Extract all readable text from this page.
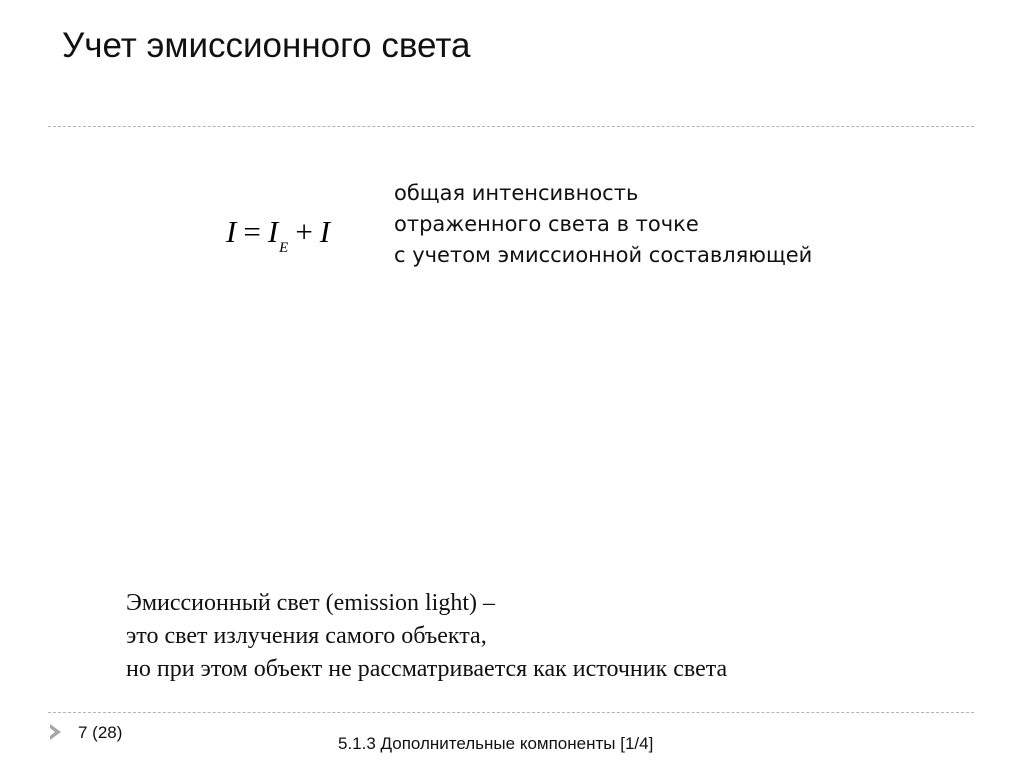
Учет эмиссионного света
$I = I_E + I$
общая интенсивность
отраженного света в точке
с учетом эмиссионной составляющей
Эмиссионный свет (emission light) –
это свет излучения самого объекта,
но при этом объект не рассматривается как источник света
7 (28)
5.1.3 Дополнительные компоненты [1/4]
